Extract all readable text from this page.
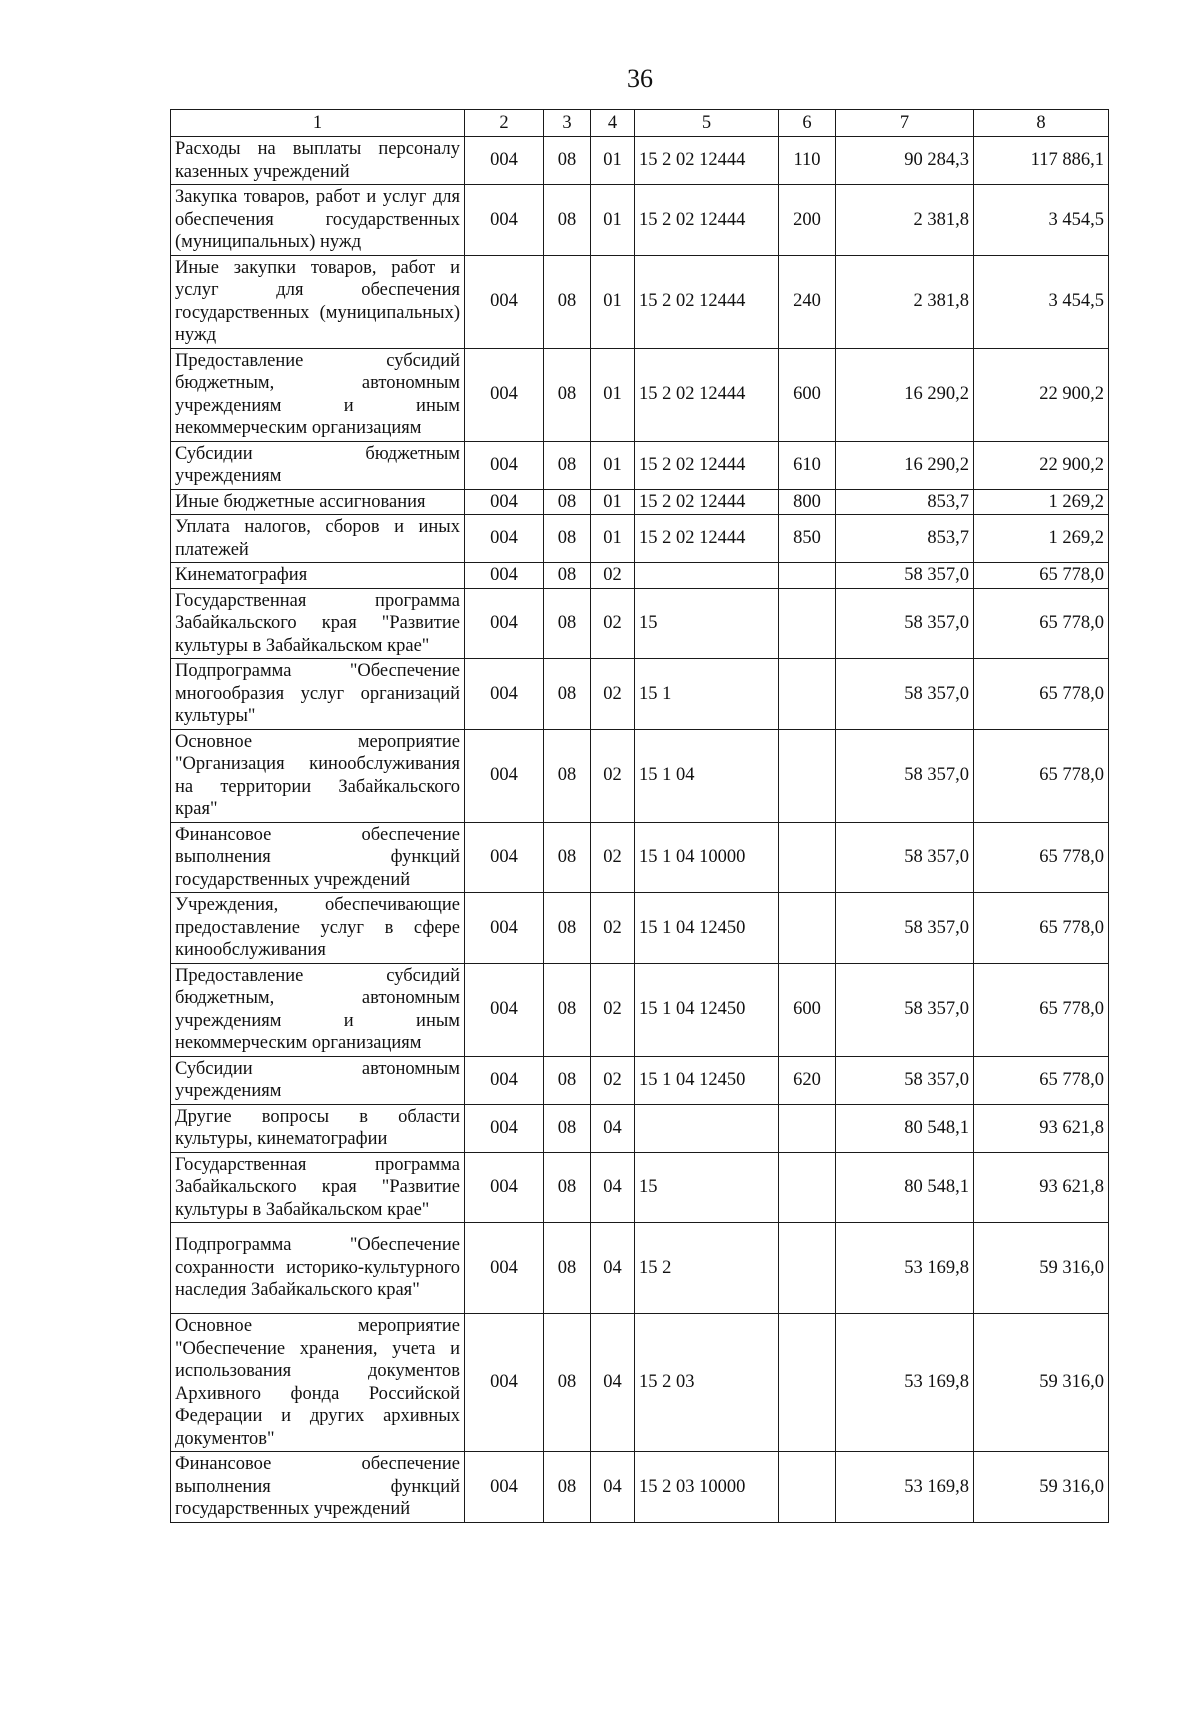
36
1	2	3	4	5	6	7	8
Расходы на выплаты персоналу казенных учреждений	004	08	01	15 2 02 12444	110	90 284,3	117 886,1
Закупка товаров, работ и услуг для обеспечения государственных (муниципальных) нужд	004	08	01	15 2 02 12444	200	2 381,8	3 454,5
Иные закупки товаров, работ и услуг для обеспечения государственных (муниципальных) нужд	004	08	01	15 2 02 12444	240	2 381,8	3 454,5
Предоставление субсидий бюджетным, автономным учреждениям и иным некоммерческим организациям	004	08	01	15 2 02 12444	600	16 290,2	22 900,2
Субсидии бюджетным учреждениям	004	08	01	15 2 02 12444	610	16 290,2	22 900,2
Иные бюджетные ассигнования	004	08	01	15 2 02 12444	800	853,7	1 269,2
Уплата налогов, сборов и иных платежей	004	08	01	15 2 02 12444	850	853,7	1 269,2
Кинематография	004	08	02			58 357,0	65 778,0
Государственная программа Забайкальского края "Развитие культуры в Забайкальском крае"	004	08	02	15		58 357,0	65 778,0
Подпрограмма "Обеспечение многообразия услуг организаций культуры"	004	08	02	15 1		58 357,0	65 778,0
Основное мероприятие "Организация кинообслуживания на территории Забайкальского края"	004	08	02	15 1 04		58 357,0	65 778,0
Финансовое обеспечение выполнения функций государственных учреждений	004	08	02	15 1 04 10000		58 357,0	65 778,0
Учреждения, обеспечивающие предоставление услуг в сфере кинообслуживания	004	08	02	15 1 04 12450		58 357,0	65 778,0
Предоставление субсидий бюджетным, автономным учреждениям и иным некоммерческим организациям	004	08	02	15 1 04 12450	600	58 357,0	65 778,0
Субсидии автономным учреждениям	004	08	02	15 1 04 12450	620	58 357,0	65 778,0
Другие вопросы в области культуры, кинематографии	004	08	04			80 548,1	93 621,8
Государственная программа Забайкальского края "Развитие культуры в Забайкальском крае"	004	08	04	15		80 548,1	93 621,8
Подпрограмма "Обеспечение сохранности историко-культурного наследия Забайкальского края"	004	08	04	15 2		53 169,8	59 316,0
Основное мероприятие "Обеспечение хранения, учета и использования документов Архивного фонда Российской Федерации и других архивных документов"	004	08	04	15 2 03		53 169,8	59 316,0
Финансовое обеспечение выполнения функций государственных учреждений	004	08	04	15 2 03 10000		53 169,8	59 316,0
